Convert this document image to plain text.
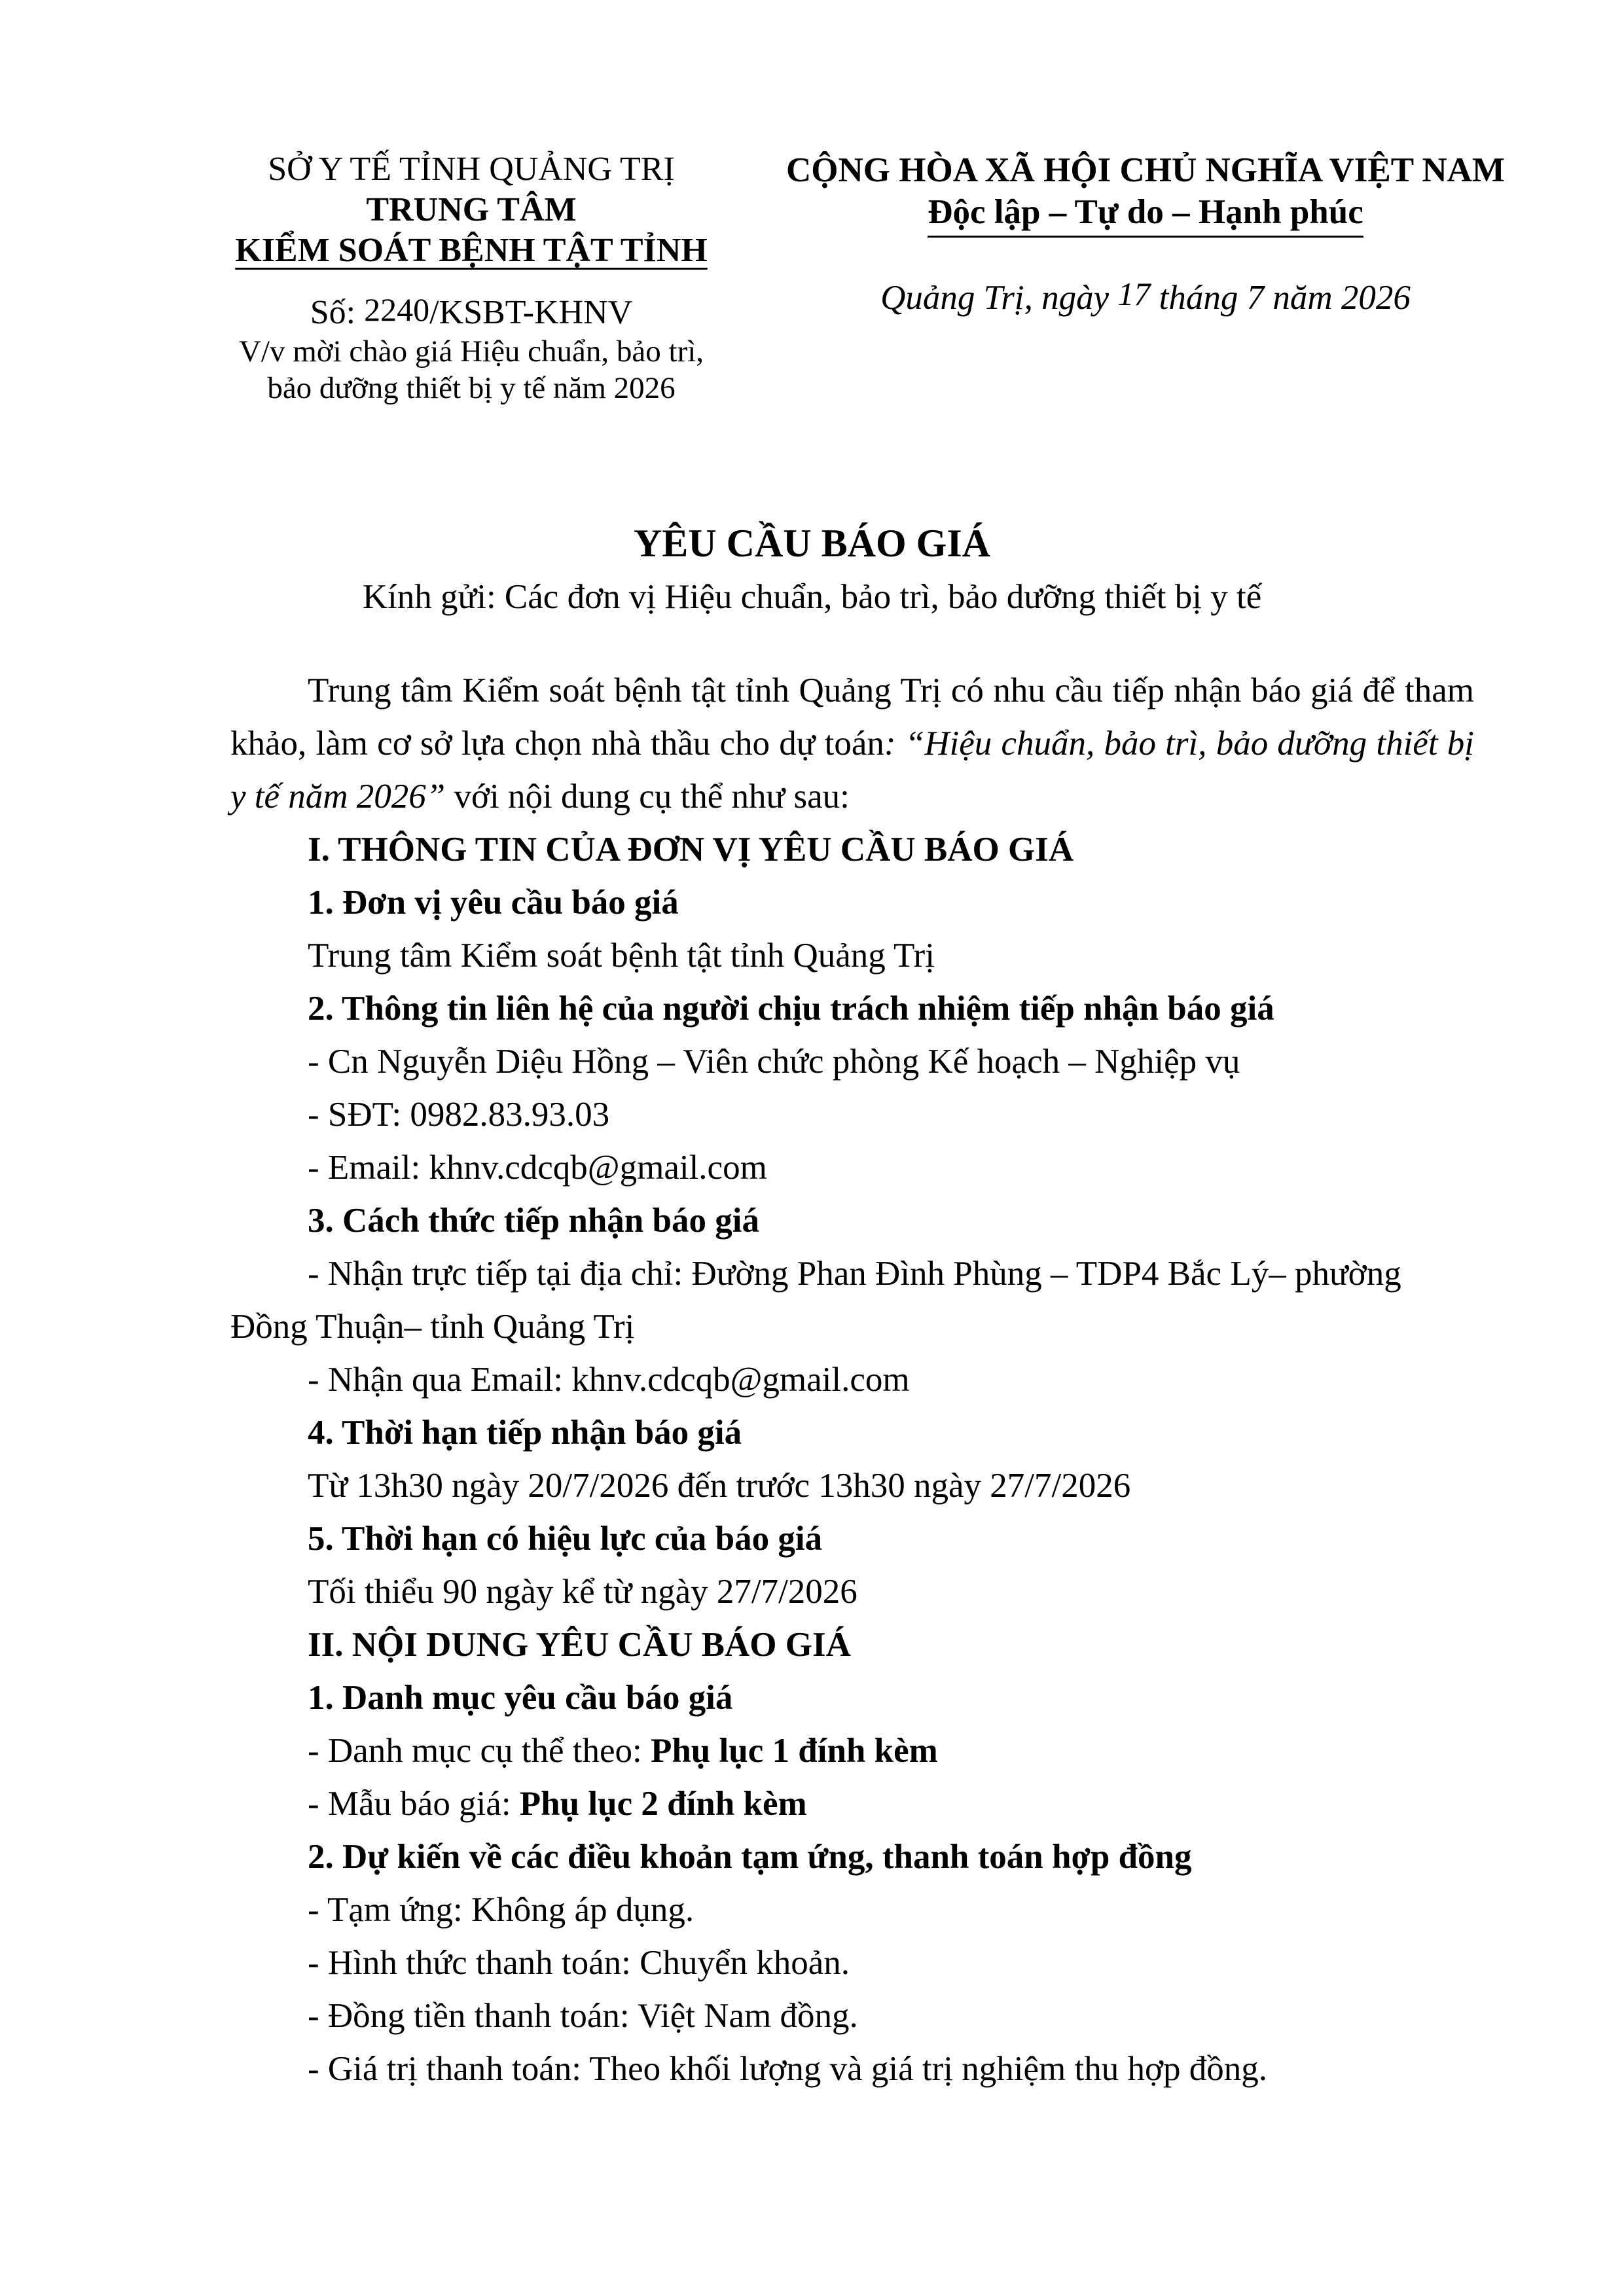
SỞ Y TẾ TỈNH QUẢNG TRỊ
TRUNG TÂM
KIỂM SOÁT BỆNH TẬT TỈNH
Số: 2240/KSBT-KHNV
V/v mời chào giá Hiệu chuẩn, bảo trì,
bảo dưỡng thiết bị y tế năm 2026
CỘNG HÒA XÃ HỘI CHỦ NGHĨA VIỆT NAM
Độc lập – Tự do – Hạnh phúc
Quảng Trị, ngày 17 tháng 7 năm 2026
YÊU CẦU BÁO GIÁ
Kính gửi: Các đơn vị Hiệu chuẩn, bảo trì, bảo dưỡng thiết bị y tế

Trung tâm Kiểm soát bệnh tật tỉnh Quảng Trị có nhu cầu tiếp nhận báo giá để tham khảo, làm cơ sở lựa chọn nhà thầu cho dự toán: “Hiệu chuẩn, bảo trì, bảo dưỡng thiết bị y tế năm 2026” với nội dung cụ thể như sau:

I. THÔNG TIN CỦA ĐƠN VỊ YÊU CẦU BÁO GIÁ

1. Đơn vị yêu cầu báo giá

Trung tâm Kiểm soát bệnh tật tỉnh Quảng Trị

2. Thông tin liên hệ của người chịu trách nhiệm tiếp nhận báo giá

- Cn Nguyễn Diệu Hồng – Viên chức phòng Kế hoạch – Nghiệp vụ

- SĐT: 0982.83.93.03

- Email: khnv.cdcqb@gmail.com

3. Cách thức tiếp nhận báo giá

- Nhận trực tiếp tại địa chỉ: Đường Phan Đình Phùng – TDP4 Bắc Lý– phường

Đồng Thuận– tỉnh Quảng Trị

- Nhận qua Email: khnv.cdcqb@gmail.com

4. Thời hạn tiếp nhận báo giá

Từ 13h30 ngày 20/7/2026 đến trước 13h30 ngày 27/7/2026

5. Thời hạn có hiệu lực của báo giá

Tối thiểu 90 ngày kể từ ngày 27/7/2026

II. NỘI DUNG YÊU CẦU BÁO GIÁ

1. Danh mục yêu cầu báo giá

- Danh mục cụ thể theo: Phụ lục 1 đính kèm

- Mẫu báo giá: Phụ lục 2 đính kèm

2. Dự kiến về các điều khoản tạm ứng, thanh toán hợp đồng

- Tạm ứng: Không áp dụng.

- Hình thức thanh toán: Chuyển khoản.

- Đồng tiền thanh toán: Việt Nam đồng.

- Giá trị thanh toán: Theo khối lượng và giá trị nghiệm thu hợp đồng.
